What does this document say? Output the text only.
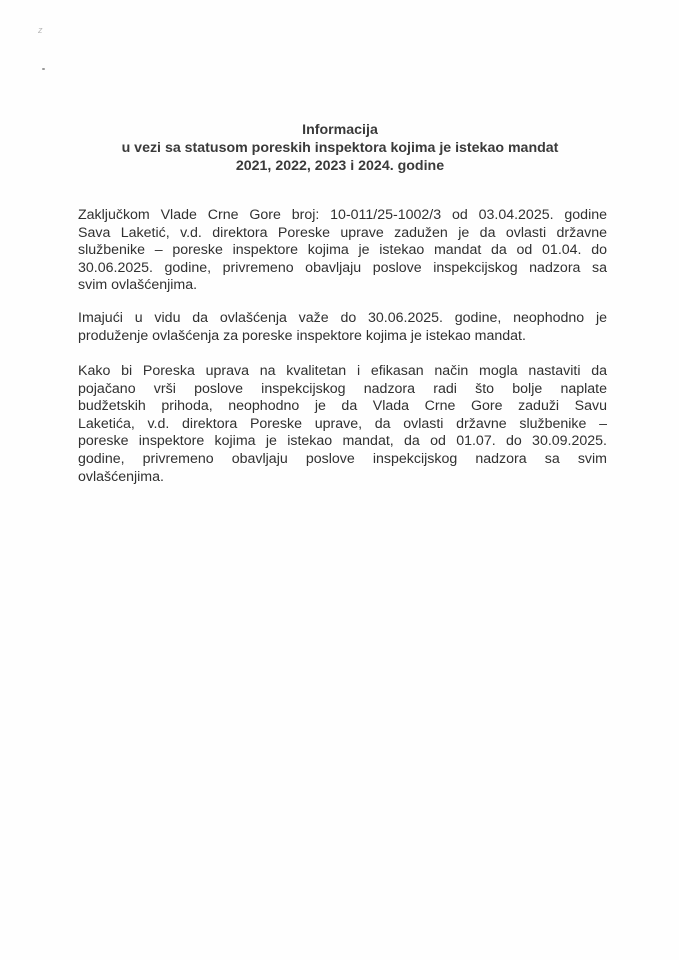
z
Informacija
u vezi sa statusom poreskih inspektora kojima je istekao mandat
2021, 2022, 2023 i 2024. godine
Zaključkom Vlade Crne Gore broj: 10-011/25-1002/3 od 03.04.2025. godine
Sava Laketić, v.d. direktora Poreske uprave zadužen je da ovlasti državne
službenike – poreske inspektore kojima je istekao mandat da od 01.04. do
30.06.2025. godine, privremeno obavljaju poslove inspekcijskog nadzora sa
svim ovlašćenjima.
Imajući u vidu da ovlašćenja važe do 30.06.2025. godine, neophodno je
produženje ovlašćenja za poreske inspektore kojima je istekao mandat.
Kako bi Poreska uprava na kvalitetan i efikasan način mogla nastaviti da
pojačano vrši poslove inspekcijskog nadzora radi što bolje naplate
budžetskih prihoda, neophodno je da Vlada Crne Gore zaduži Savu
Laketića, v.d. direktora Poreske uprave, da ovlasti državne službenike –
poreske inspektore kojima je istekao mandat, da od 01.07. do 30.09.2025.
godine, privremeno obavljaju poslove inspekcijskog nadzora sa svim
ovlašćenjima.
